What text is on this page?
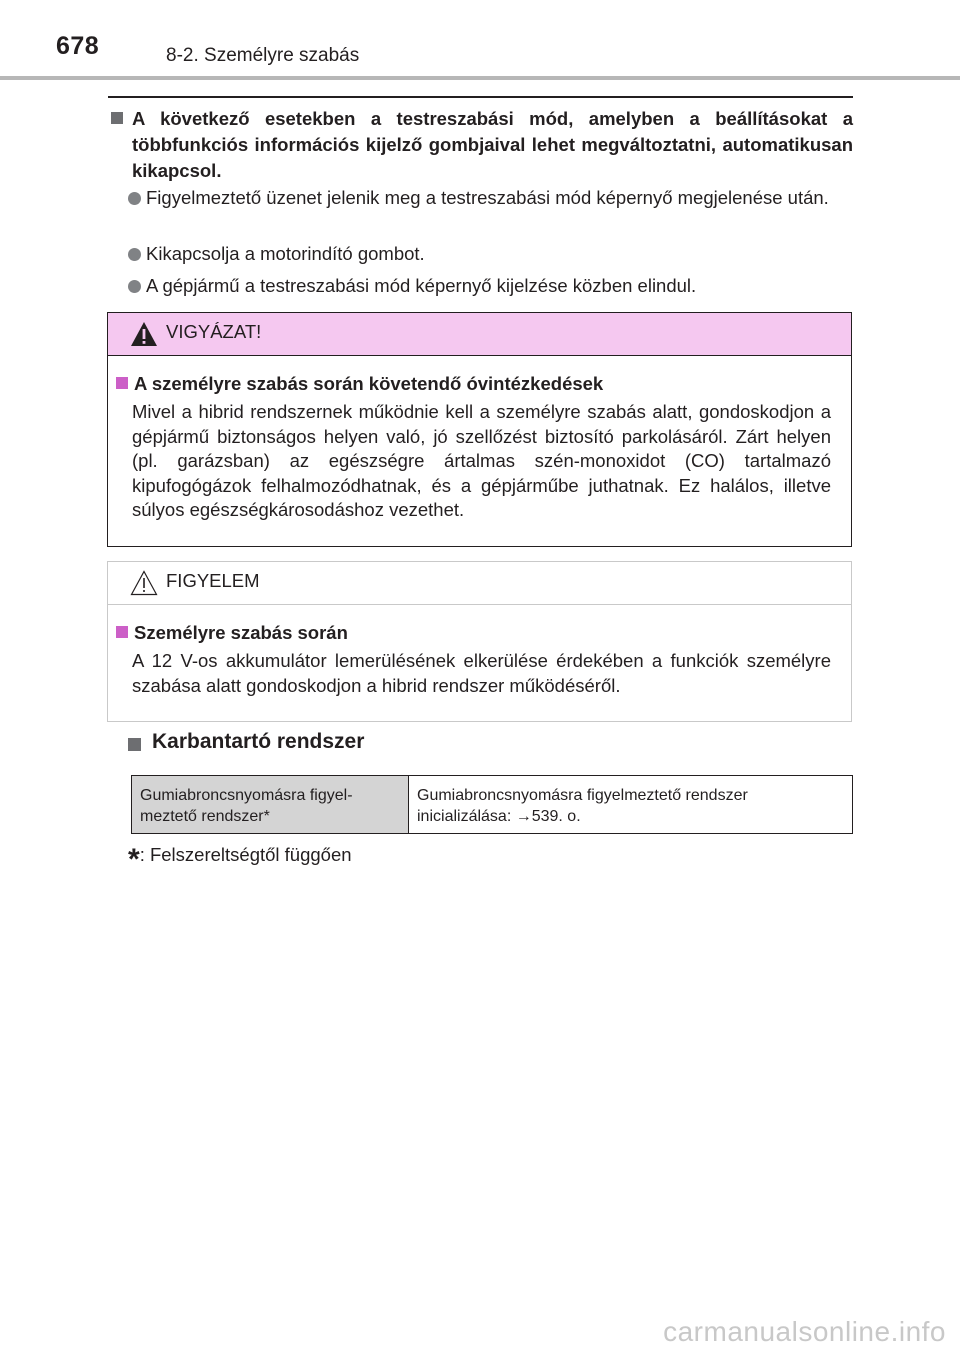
678	8-2. Személyre szabás
A következő esetekben a testreszabási mód, amelyben a beállításokat a többfunkciós információs kijelző gombjaival lehet megváltoztatni, automatikusan kikapcsol.
Figyelmeztető üzenet jelenik meg a testreszabási mód képernyő megjelenése után.
Kikapcsolja a motorindító gombot.
A gépjármű a testreszabási mód képernyő kijelzése közben elindul.
VIGYÁZAT!
A személyre szabás során követendő óvintézkedések
Mivel a hibrid rendszernek működnie kell a személyre szabás alatt, gondoskodjon a gépjármű biztonságos helyen való, jó szellőzést biztosító parkolásáról. Zárt helyen (pl. garázsban) az egészségre ártalmas szén-monoxidot (CO) tartalmazó kipufogógázok felhalmozódhatnak, és a gépjárműbe juthatnak. Ez halálos, illetve súlyos egészségkárosodáshoz vezethet.
FIGYELEM
Személyre szabás során
A 12 V-os akkumulátor lemerülésének elkerülése érdekében a funkciók személyre szabása alatt gondoskodjon a hibrid rendszer működéséről.
Karbantartó rendszer
Gumiabroncsnyomásra figyel- meztető rendszer*
Gumiabroncsnyomásra figyelmeztető rendszer inicializálása: →539. o.
*: Felszereltségtől függően
carmanualsonline.info
